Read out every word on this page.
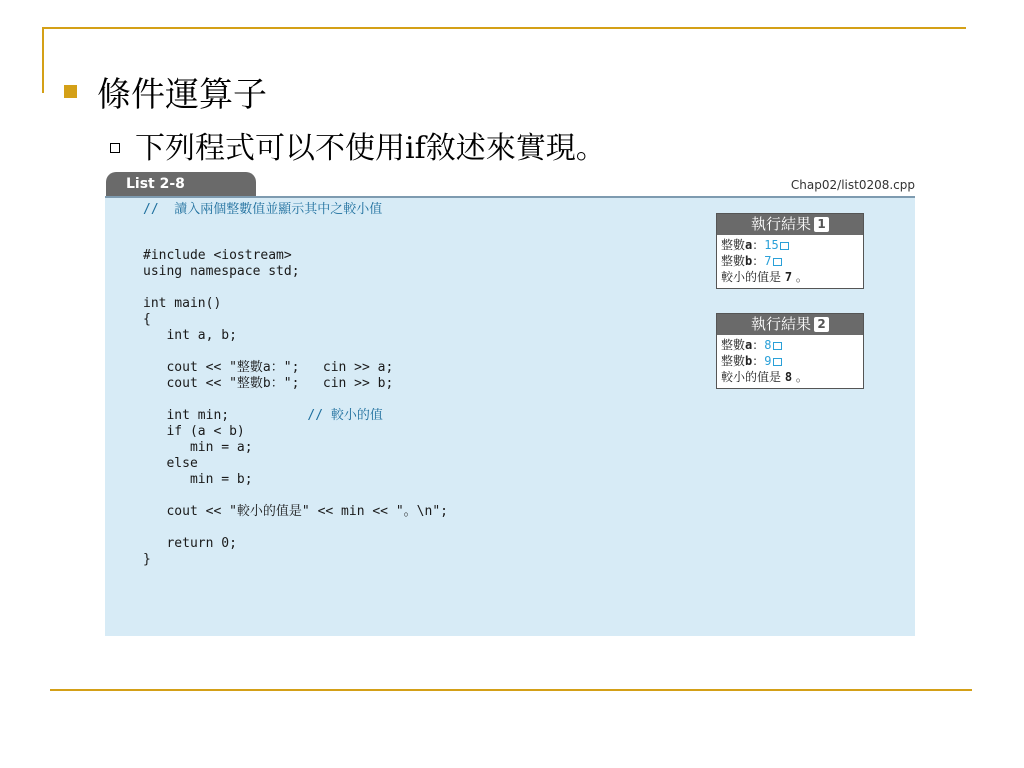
條件運算子
下列程式可以不使用if敘述來實現。
List 2-8	Chap02/list0208.cpp
//  讀入兩個整數值並顯示其中之較小值

#include <iostream>
using namespace std;

int main()
{
int a, b;

cout << "整數a：";   cin >> a;
cout << "整數b：";   cin >> b;

int min;          // 較小的值
if (a < b)
min = a;
else
min = b;

cout << "較小的值是" << min << "。\n";

return 0;
}
執行結果 1
整數a：15
整數b：7
較小的值是 7 。
執行結果 2
整數a：8
整數b：9
較小的值是 8 。
